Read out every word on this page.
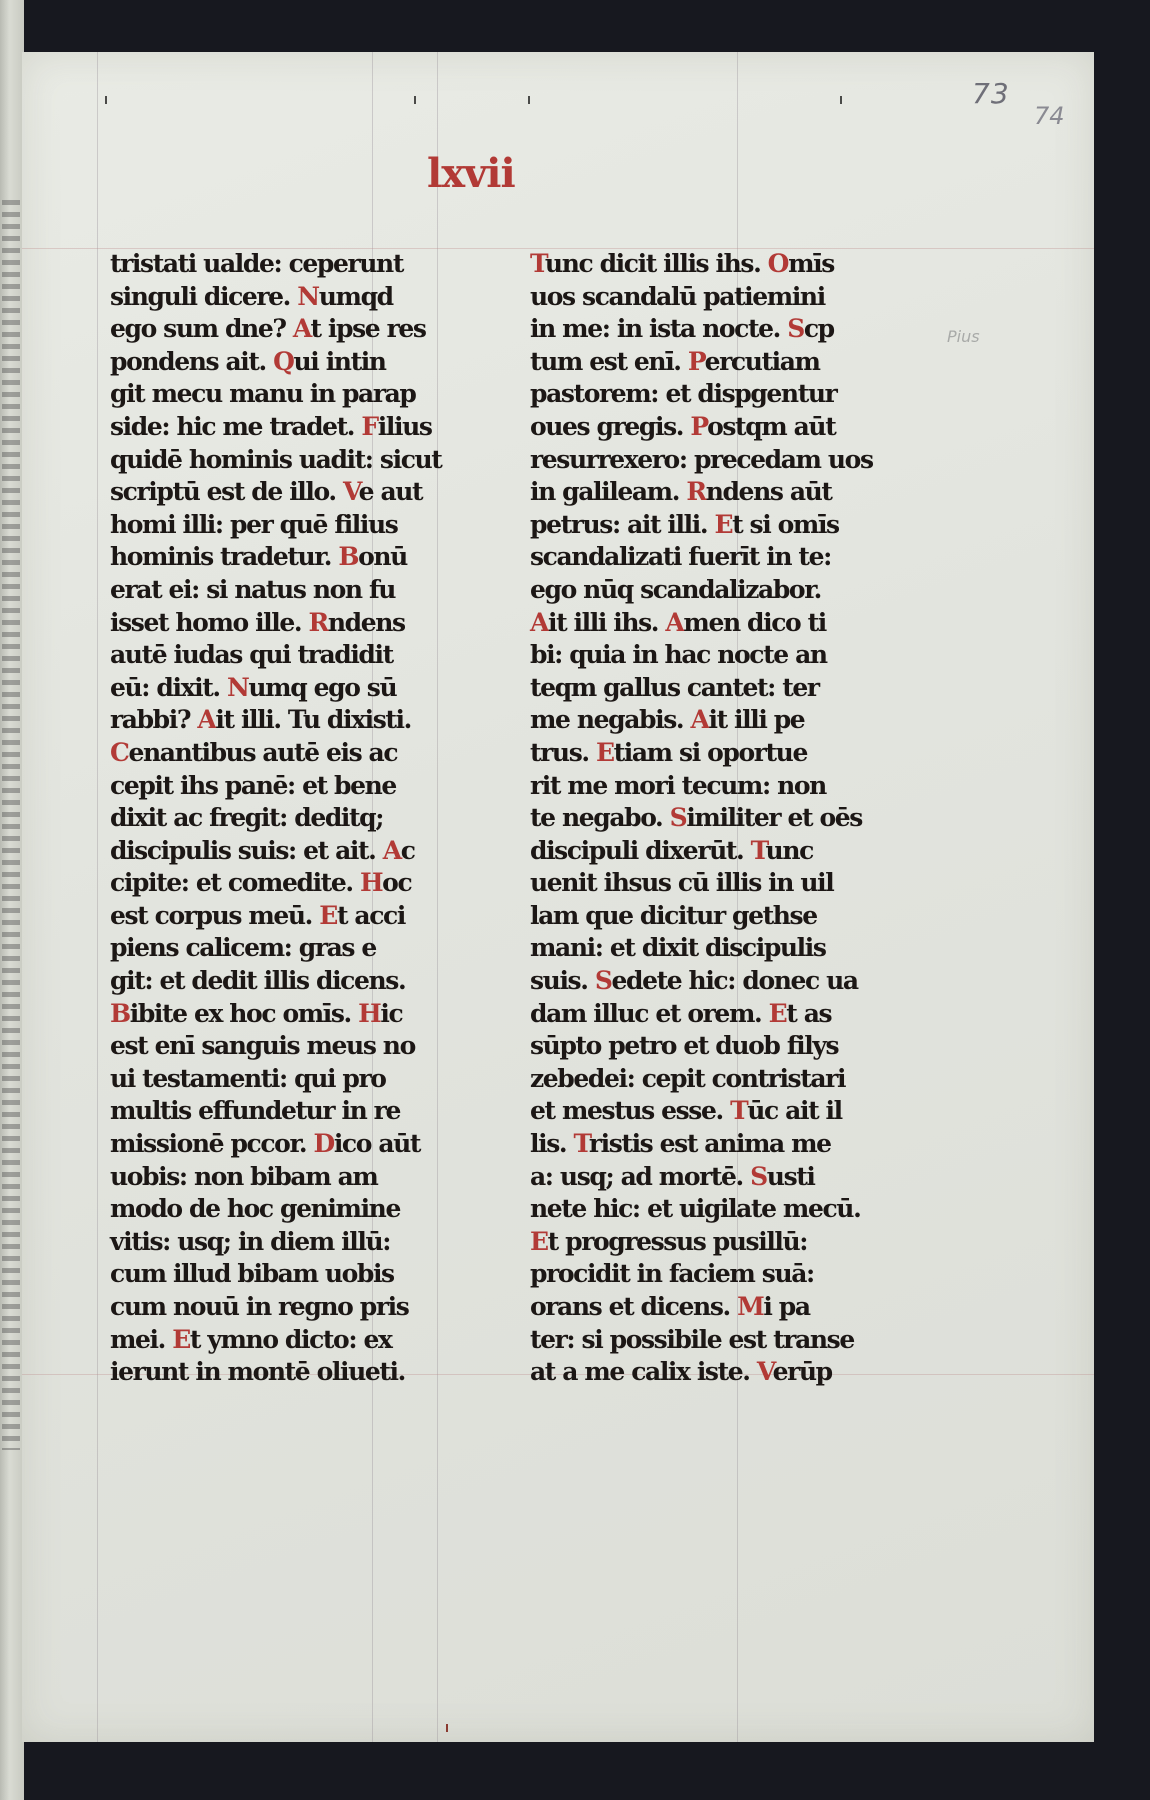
73
74
lxvii
Pius
tristati ualde: ceperunt
singuli dicere. Numqd
ego sum dne? At ipse res
pondens ait. Qui intin
git mecu manu in parap
side: hic me tradet. Filius
quidē hominis uadit: sicut
scriptū est de illo. Ve aut
homi illi: per quē filius
hominis tradetur. Bonū
erat ei: si natus non fu
isset homo ille. Rndens
autē iudas qui tradidit
eū: dixit. Numq ego sū
rabbi? Ait illi. Tu dixisti.
Cenantibus autē eis ac
cepit ihs panē: et bene
dixit ac fregit: deditq;
discipulis suis: et ait. Ac
cipite: et comedite. Hoc
est corpus meū. Et acci
piens calicem: gras e
git: et dedit illis dicens.
Bibite ex hoc omīs. Hic
est enī sanguis meus no
ui testamenti: qui pro
multis effundetur in re
missionē pccor. Dico aūt
uobis: non bibam am
modo de hoc genimine
vitis: usq; in diem illū:
cum illud bibam uobis
cum nouū in regno pris
mei. Et ymno dicto: ex
ierunt in montē oliueti.
Tunc dicit illis ihs. Omīs
uos scandalū patiemini
in me: in ista nocte. Scp
tum est enī. Percutiam
pastorem: et dispgentur
oues gregis. Postqm aūt
resurrexero: precedam uos
in galileam. Rndens aūt
petrus: ait illi. Et si omīs
scandalizati fuerīt in te:
ego nūq scandalizabor.
Ait illi ihs. Amen dico ti
bi: quia in hac nocte an
teqm gallus cantet: ter
me negabis. Ait illi pe
trus. Etiam si oportue
rit me mori tecum: non
te negabo. Similiter et oēs
discipuli dixerūt. Tunc
uenit ihsus cū illis in uil
lam que dicitur gethse
mani: et dixit discipulis
suis. Sedete hic: donec ua
dam illuc et orem. Et as
sūpto petro et duob filys
zebedei: cepit contristari
et mestus esse. Tūc ait il
lis. Tristis est anima me
a: usq; ad mortē. Susti
nete hic: et uigilate mecū.
Et progressus pusillū:
procidit in faciem suā:
orans et dicens. Mi pa
ter: si possibile est transe
at a me calix iste. Verūp
